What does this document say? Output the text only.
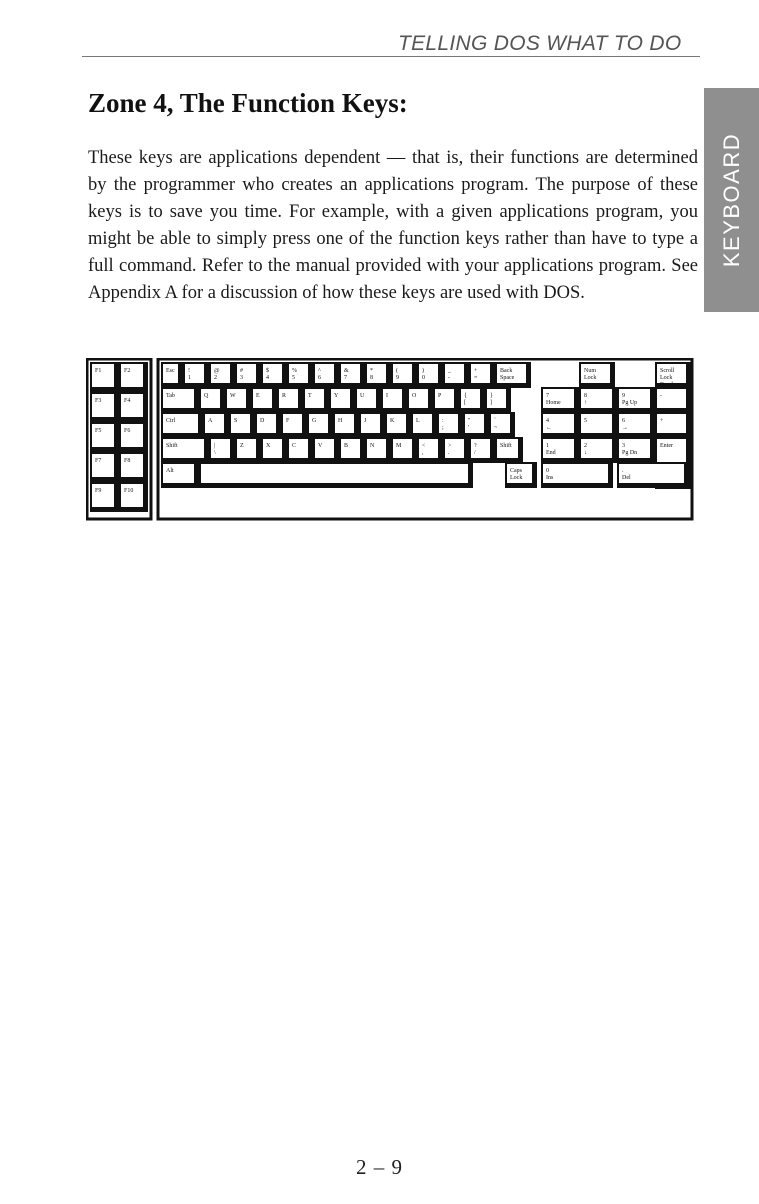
TELLING DOS WHAT TO DO
KEYBOARD
Zone 4, The Function Keys:

These keys are applications dependent — that is, their functions are determined by the programmer who creates an applications program. The purpose of these keys is to save you time. For example, with a given applications program, you might be able to simply press one of the function keys rather than have to type a full command. Refer to the manual provided with your applications program. See Appendix A for a discussion of how these keys are used with DOS.

F1	F2
F3	F4
F5	F6
F7	F8
F9	F10
Esc !
1
@
2
#
3
$
4
%
5
^
6
&
7
*
8
(
9
)
0
_
-
+
=
Back
Space
Tab	Q	W	E	R	T	Y	U	I	O	P	{
[
}
]
Ctrl	A	S	D	F	G	H	J	K	L	:
;
"
'
`
~
Shift	|
\
Z	X	C	V	B	N	M	<
,
>
.
?
/
Shift
Alt	Caps
Lock
Num
Lock
Scroll
Lock
Break
7
Home
8
↑
9
Pg Up
-
4
←
5	6
→
+
1
End
2
↓
3
Pg Dn
Enter
0
Ins
.
Del
2 – 9
